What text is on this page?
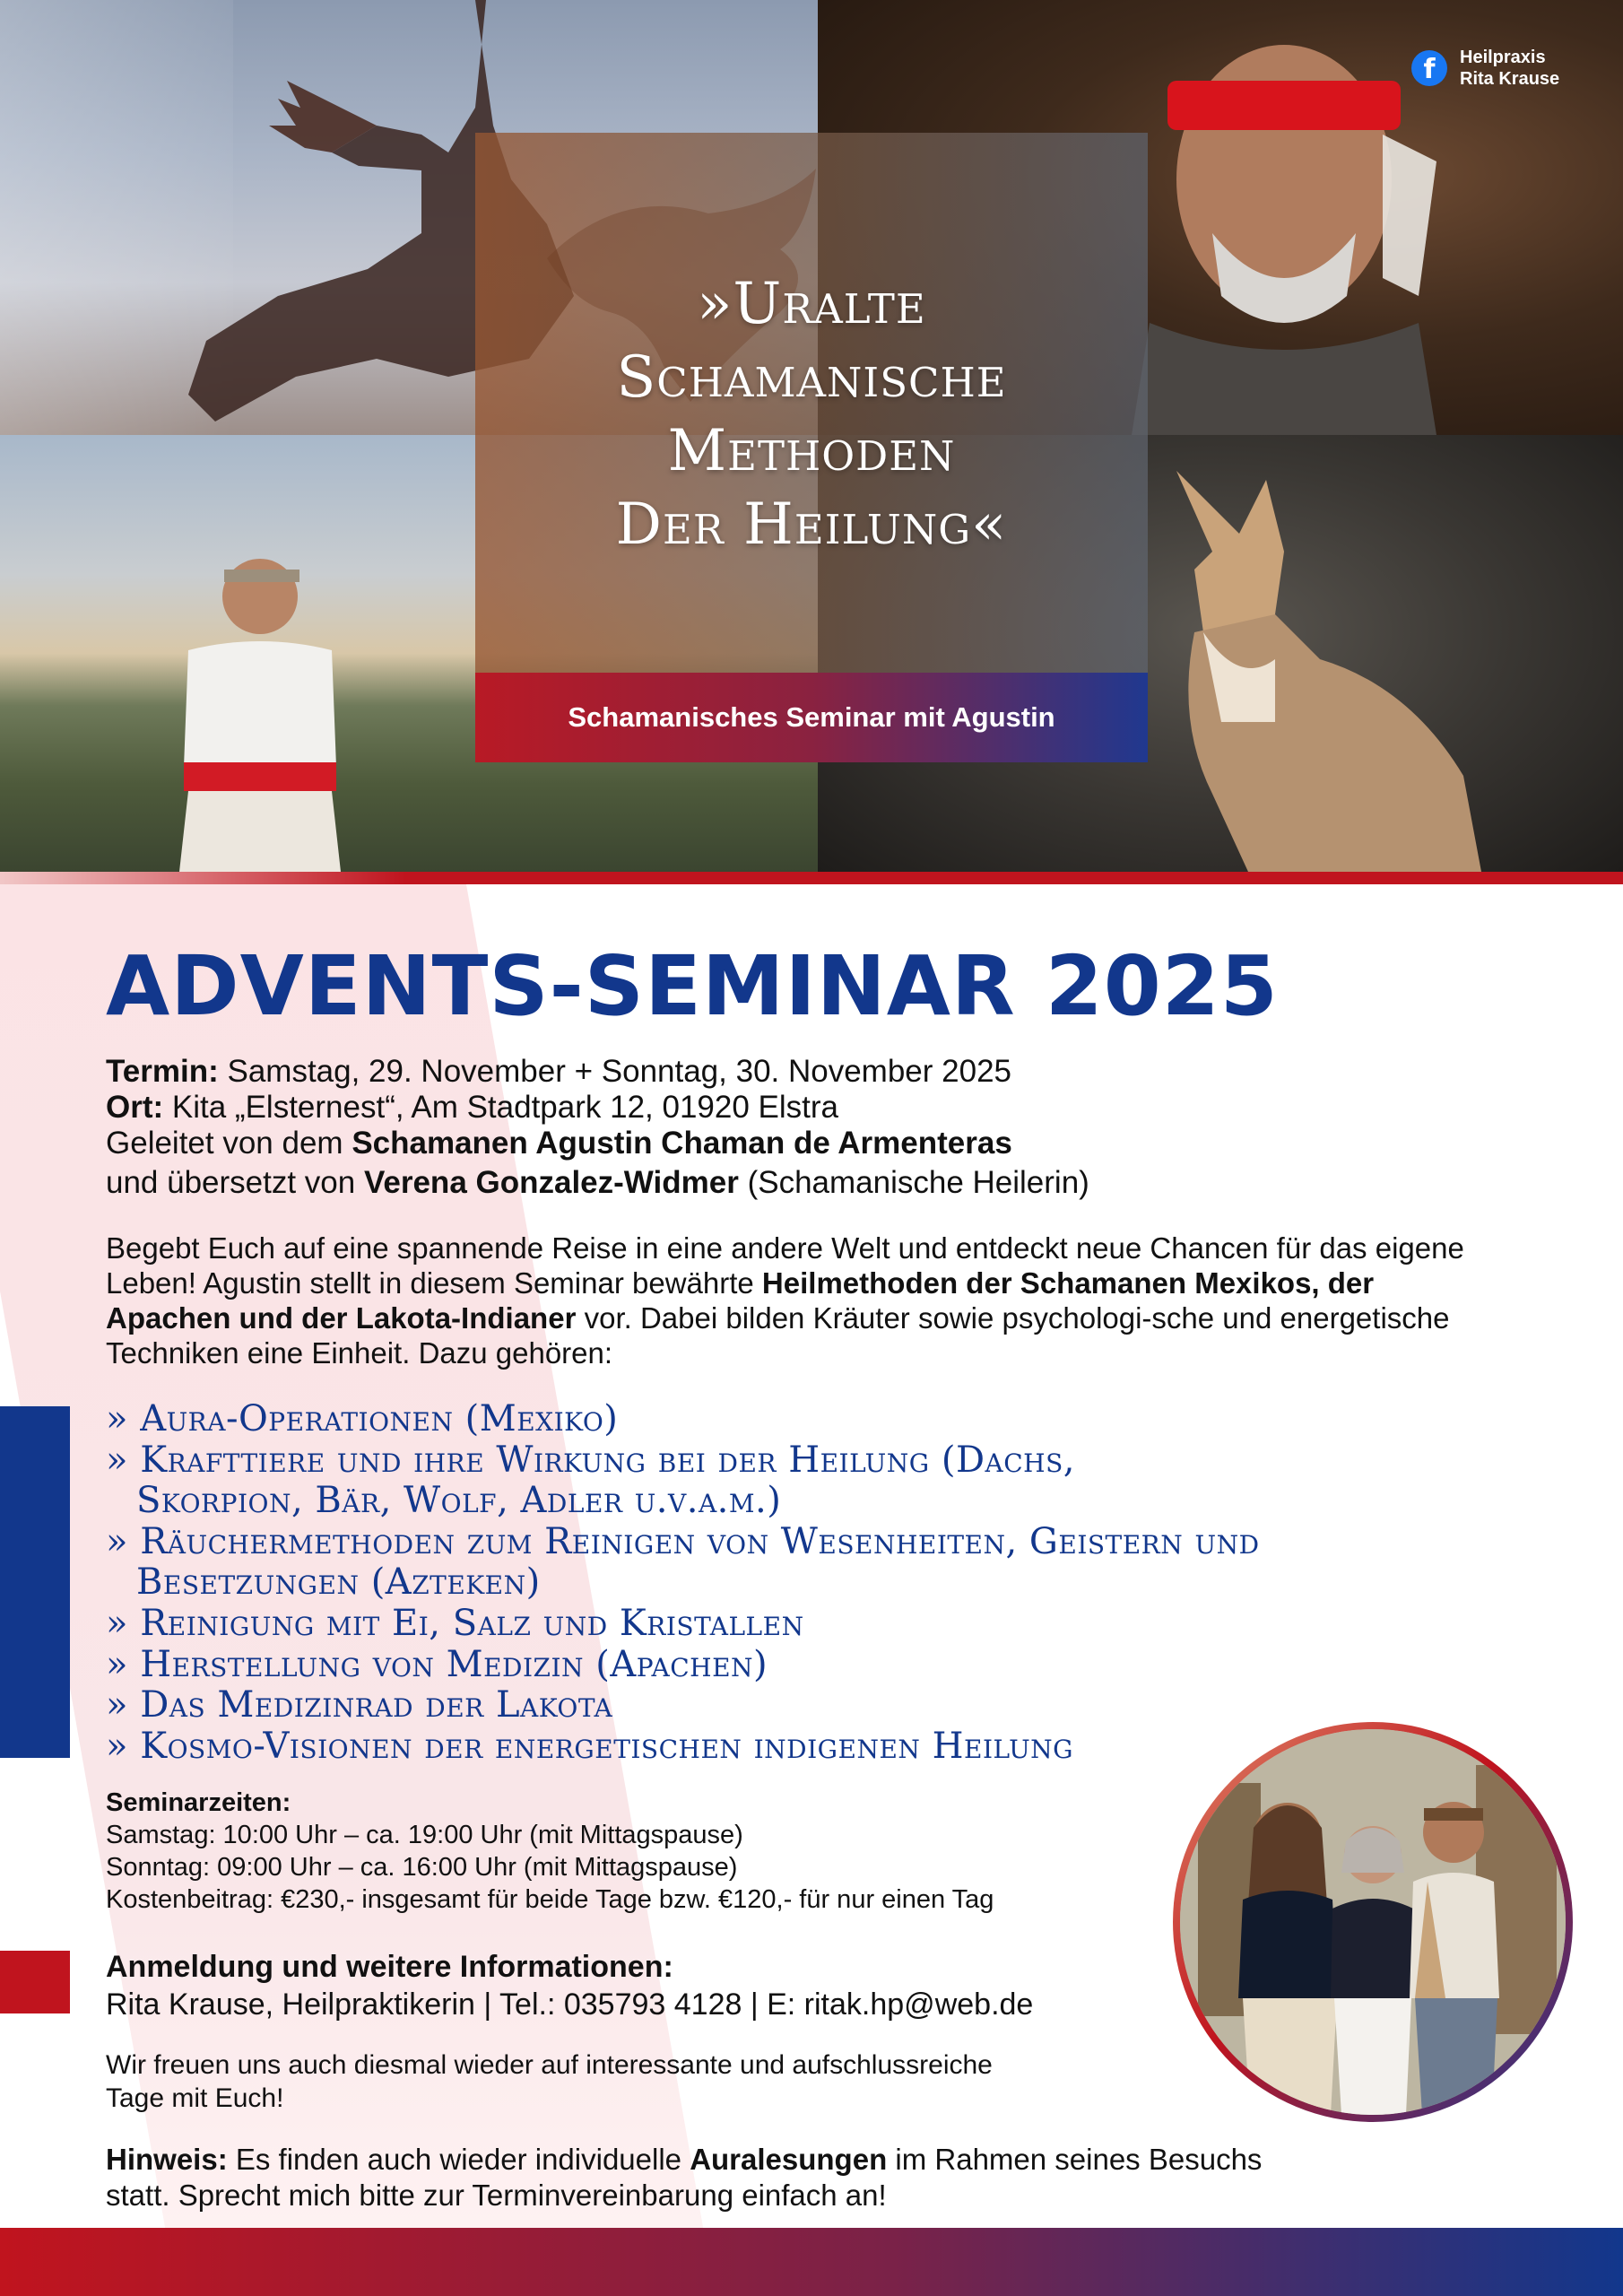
f	Heilpraxis
Rita Krause
»Uralte
Schamanische
Methoden
Der Heilung«
Schamanisches Seminar mit Agustin
ADVENTS-SEMINAR 2025

Termin: Samstag, 29. November + Sonntag, 30. November 2025

Ort: Kita „Elsternest“, Am Stadtpark 12, 01920 Elstra

Geleitet von dem Schamanen Agustin Chaman de Armenteras

und übersetzt von Verena Gonzalez-Widmer (Schamanische Heilerin)

Begebt Euch auf eine spannende Reise in eine andere Welt und entdeckt neue Chancen für das eigene Leben! Agustin stellt in diesem Seminar bewährte Heilmethoden der Schamanen Mexikos, der Apachen und der Lakota-Indianer vor. Dabei bilden Kräuter sowie psychologi-sche und energetische Techniken eine Einheit. Dazu gehören:

» Aura-Operationen (Mexiko)
» Krafttiere und ihre Wirkung bei der Heilung (Dachs, Skorpion, Bär, Wolf, Adler u.v.a.m.)
» Räuchermethoden zum Reinigen von Wesenheiten, Geistern und Besetzungen (Azteken)
» Reinigung mit Ei, Salz und Kristallen
» Herstellung von Medizin (Apachen)
» Das Medizinrad der Lakota
» Kosmo-Visionen der energetischen indigenen Heilung

Seminarzeiten:

Samstag: 10:00 Uhr – ca. 19:00 Uhr (mit Mittagspause)

Sonntag: 09:00 Uhr – ca. 16:00 Uhr (mit Mittagspause)

Kostenbeitrag: €230,- insgesamt für beide Tage bzw. €120,- für nur einen Tag

Anmeldung und weitere Informationen:

Rita Krause, Heilpraktikerin | Tel.: 035793 4128 | E: ritak.hp@web.de

Wir freuen uns auch diesmal wieder auf interessante und aufschlussreiche Tage mit Euch!

Hinweis: Es finden auch wieder individuelle Auralesungen im Rahmen seines Besuchs statt. Sprecht mich bitte zur Terminvereinbarung einfach an!
